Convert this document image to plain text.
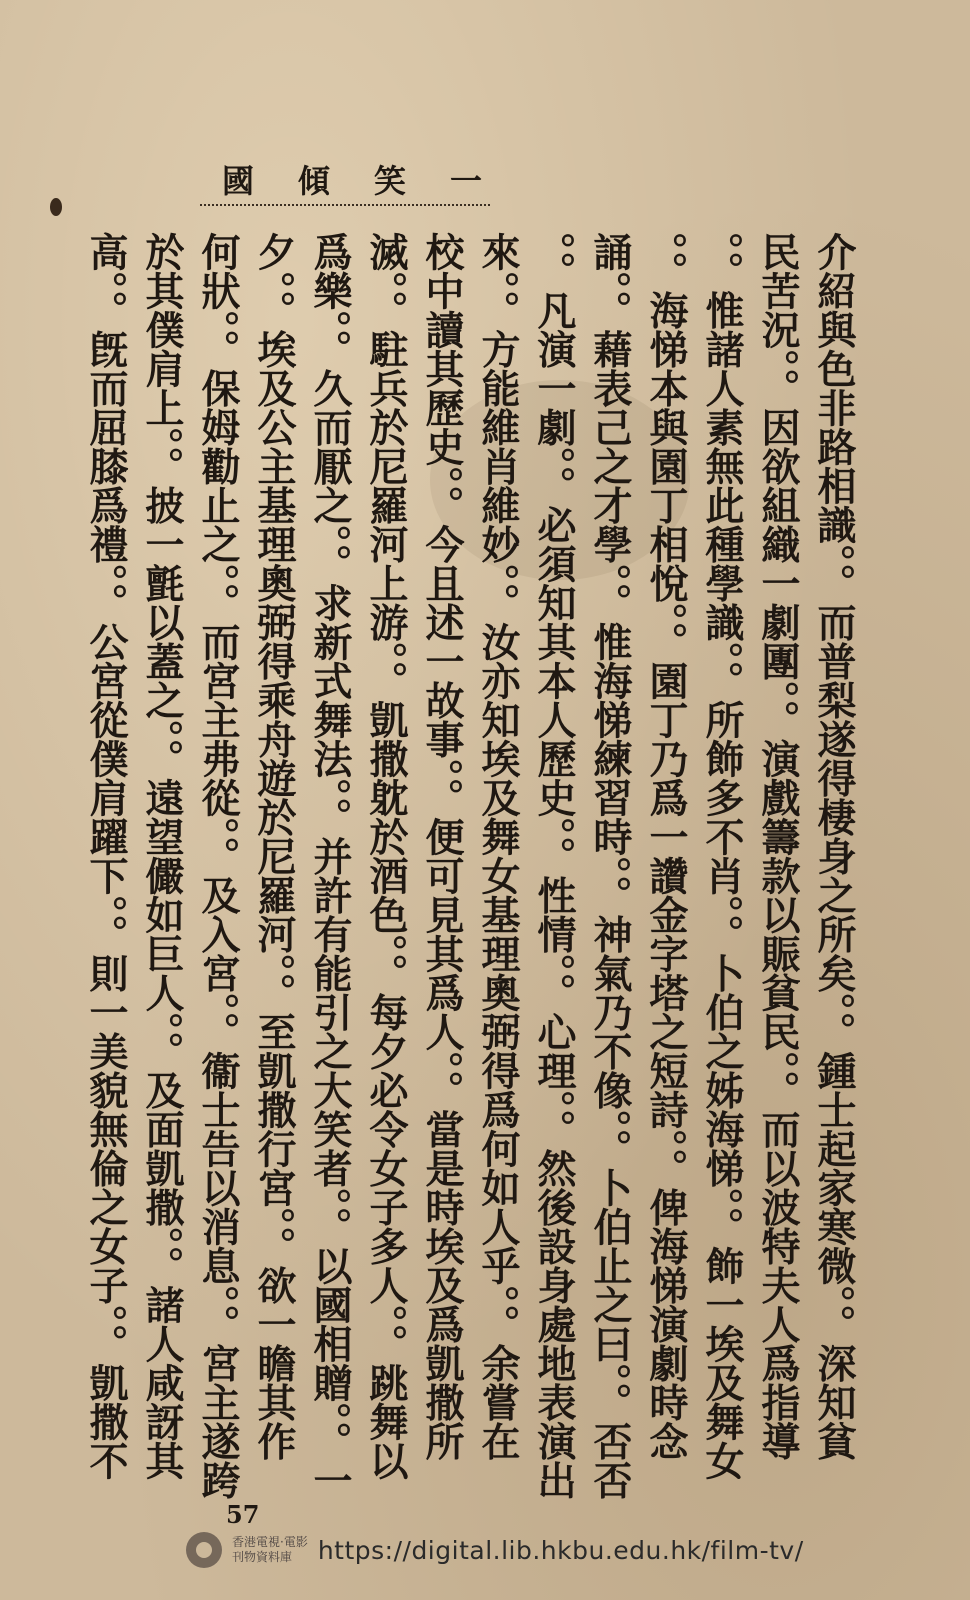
國 傾 笑 一
介紹與色非路相識。。而普梨遂得棲身之所矣。。鍾士起家寒微。。深知貧
民苦況。。因欲組織一劇團。。演戲籌款以賑貧民。。而以波特夫人爲指導
。。惟諸人素無此種學識。。所飾多不肖。。卜伯之姊海悌。。飾一埃及舞女
。。海悌本與園丁相悅。。園丁乃爲一讚金字塔之短詩。。俾海悌演劇時念
誦。。藉表己之才學。。惟海悌練習時。。神氣乃不像。。卜伯止之曰。。否否
。。凡演一劇。。必須知其本人歷史。。性情。。心理。。然後設身處地表演出
來。。方能維肖維妙。。汝亦知埃及舞女基理奧弼得爲何如人乎。。余嘗在
校中讀其歷史。。今且述一故事。。便可見其爲人。。當是時埃及爲凱撒所
滅。。駐兵於尼羅河上游。。凱撒躭於酒色。。每夕必令女子多人。。跳舞以
爲樂。。久而厭之。。求新式舞法。。并許有能引之大笑者。。以國相贈。。一
夕。。埃及公主基理奧弼得乘舟遊於尼羅河。。至凱撒行宮。。欲一瞻其作
何狀。。保姆勸止之。。而宮主弗從。。及入宮。。衞士告以消息。。宮主遂跨
於其僕肩上。。披一氈以蓋之。。遠望儼如巨人。。及面凱撒。。諸人咸訝其
高。。旣而屈膝爲禮。。公宮從僕肩躍下。。則一美貌無倫之女子。。凱撒不
57
香港電視·電影
刊物資料庫	https://digital.lib.hkbu.edu.hk/film-tv/
